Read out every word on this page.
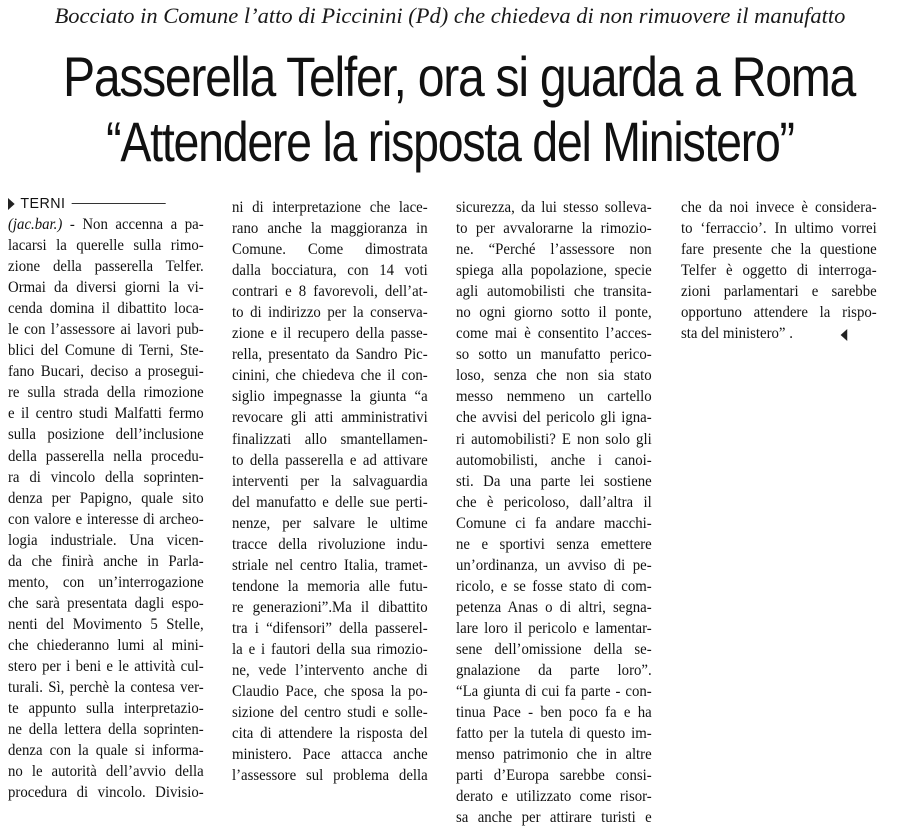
Bocciato in Comune l’atto di Piccinini (Pd) che chiedeva di non rimuovere il manufatto
Passerella Telfer, ora si guarda a Roma
“Attendere la risposta del Ministero”
TERNI
(jac.bar.) - Non accenna a pa-
lacarsi la querelle sulla rimo-
zione della passerella Telfer.
Ormai da diversi giorni la vi-
cenda domina il dibattito loca-
le con l’assessore ai lavori pub-
blici del Comune di Terni, Ste-
fano Bucari, deciso a prosegui-
re sulla strada della rimozione
e il centro studi Malfatti fermo
sulla posizione dell’inclusione
della passerella nella procedu-
ra di vincolo della soprinten-
denza per Papigno, quale sito
con valore e interesse di archeo-
logia industriale. Una vicen-
da che finirà anche in Parla-
mento, con un’interrogazione
che sarà presentata dagli espo-
nenti del Movimento 5 Stelle,
che chiederanno lumi al mini-
stero per i beni e le attività cul-
turali. Sì, perchè la contesa ver-
te appunto sulla interpretazio-
ne della lettera della soprinten-
denza con la quale si informa-
no le autorità dell’avvio della
procedura di vincolo. Divisio-
ni di interpretazione che lace-
rano anche la maggioranza in
Comune. Come dimostrata
dalla bocciatura, con 14 voti
contrari e 8 favorevoli, dell’at-
to di indirizzo per la conserva-
zione e il recupero della passe-
rella, presentato da Sandro Pic-
cinini, che chiedeva che il con-
siglio impegnasse la giunta “a
revocare gli atti amministrativi
finalizzati allo smantellamen-
to della passerella e ad attivare
interventi per la salvaguardia
del manufatto e delle sue perti-
nenze, per salvare le ultime
tracce della rivoluzione indu-
striale nel centro Italia, tramet-
tendone la memoria alle futu-
re generazioni”.Ma il dibattito
tra i “difensori” della passerel-
la e i fautori della sua rimozio-
ne, vede l’intervento anche di
Claudio Pace, che sposa la po-
sizione del centro studi e solle-
cita di attendere la risposta del
ministero. Pace attacca anche
l’assessore sul problema della
sicurezza, da lui stesso solleva-
to per avvalorarne la rimozio-
ne. “Perché l’assessore non
spiega alla popolazione, specie
agli automobilisti che transita-
no ogni giorno sotto il ponte,
come mai è consentito l’acces-
so sotto un manufatto perico-
loso, senza che non sia stato
messo nemmeno un cartello
che avvisi del pericolo gli igna-
ri automobilisti? E non solo gli
automobilisti, anche i canoi-
sti. Da una parte lei sostiene
che è pericoloso, dall’altra il
Comune ci fa andare macchi-
ne e sportivi senza emettere
un’ordinanza, un avviso di pe-
ricolo, e se fosse stato di com-
petenza Anas o di altri, segna-
lare loro il pericolo e lamentar-
sene dell’omissione della se-
gnalazione da parte loro”.
“La giunta di cui fa parte - con-
tinua Pace - ben poco fa e ha
fatto per la tutela di questo im-
menso patrimonio che in altre
parti d’Europa sarebbe consi-
derato e utilizzato come risor-
sa anche per attirare turisti e
che da noi invece è considera-
to ‘ferraccio’. In ultimo vorrei
fare presente che la questione
Telfer è oggetto di interroga-
zioni parlamentari e sarebbe
opportuno attendere la rispo-
sta del ministero” .
